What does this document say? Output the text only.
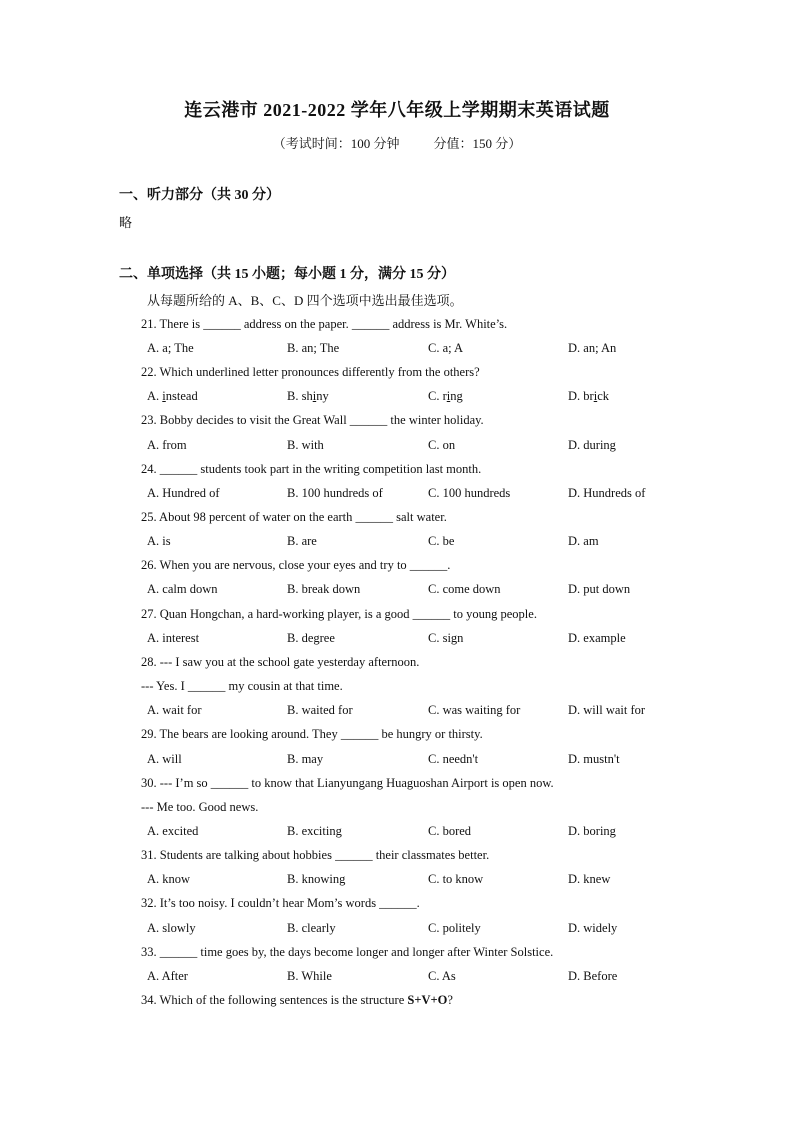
连云港市 2021-2022 学年八年级上学期期末英语试题
（考试时间：100 分钟	分值：150 分）
一、听力部分（共 30 分）
略
二、单项选择（共 15 小题；每小题 1 分，满分 15 分）
从每题所给的 A、B、C、D 四个选项中选出最佳选项。
21. There is ______ address on the paper. ______ address is Mr. White’s.
A. a; The	B. an; The	C. a; A	D. an; An
22. Which underlined letter pronounces differently from the others?
A. instead	B. shiny	C. ring	D. brick
23. Bobby decides to visit the Great Wall ______ the winter holiday.
A. from	B. with	C. on	D. during
24. ______ students took part in the writing competition last month.
A. Hundred of	B. 100 hundreds of	C. 100 hundreds	D. Hundreds of
25. About 98 percent of water on the earth ______ salt water.
A. is	B. are	C. be	D. am
26. When you are nervous, close your eyes and try to ______.
A. calm down	B. break down	C. come down	D. put down
27. Quan Hongchan, a hard-working player, is a good ______ to young people.
A. interest	B. degree	C. sign	D. example
28. --- I saw you at the school gate yesterday afternoon.
--- Yes. I ______ my cousin at that time.
A. wait for	B. waited for	C. was waiting for	D. will wait for
29. The bears are looking around. They ______ be hungry or thirsty.
A. will	B. may	C. needn't	D. mustn't
30. --- I’m so ______ to know that Lianyungang Huaguoshan Airport is open now.
--- Me too. Good news.
A. excited	B. exciting	C. bored	D. boring
31. Students are talking about hobbies ______ their classmates better.
A. know	B. knowing	C. to know	D. knew
32. It’s too noisy. I couldn’t hear Mom’s words ______.
A. slowly	B. clearly	C. politely	D. widely
33. ______ time goes by, the days become longer and longer after Winter Solstice.
A. After	B. While	C. As	D. Before
34. Which of the following sentences is the structure S+V+O?
